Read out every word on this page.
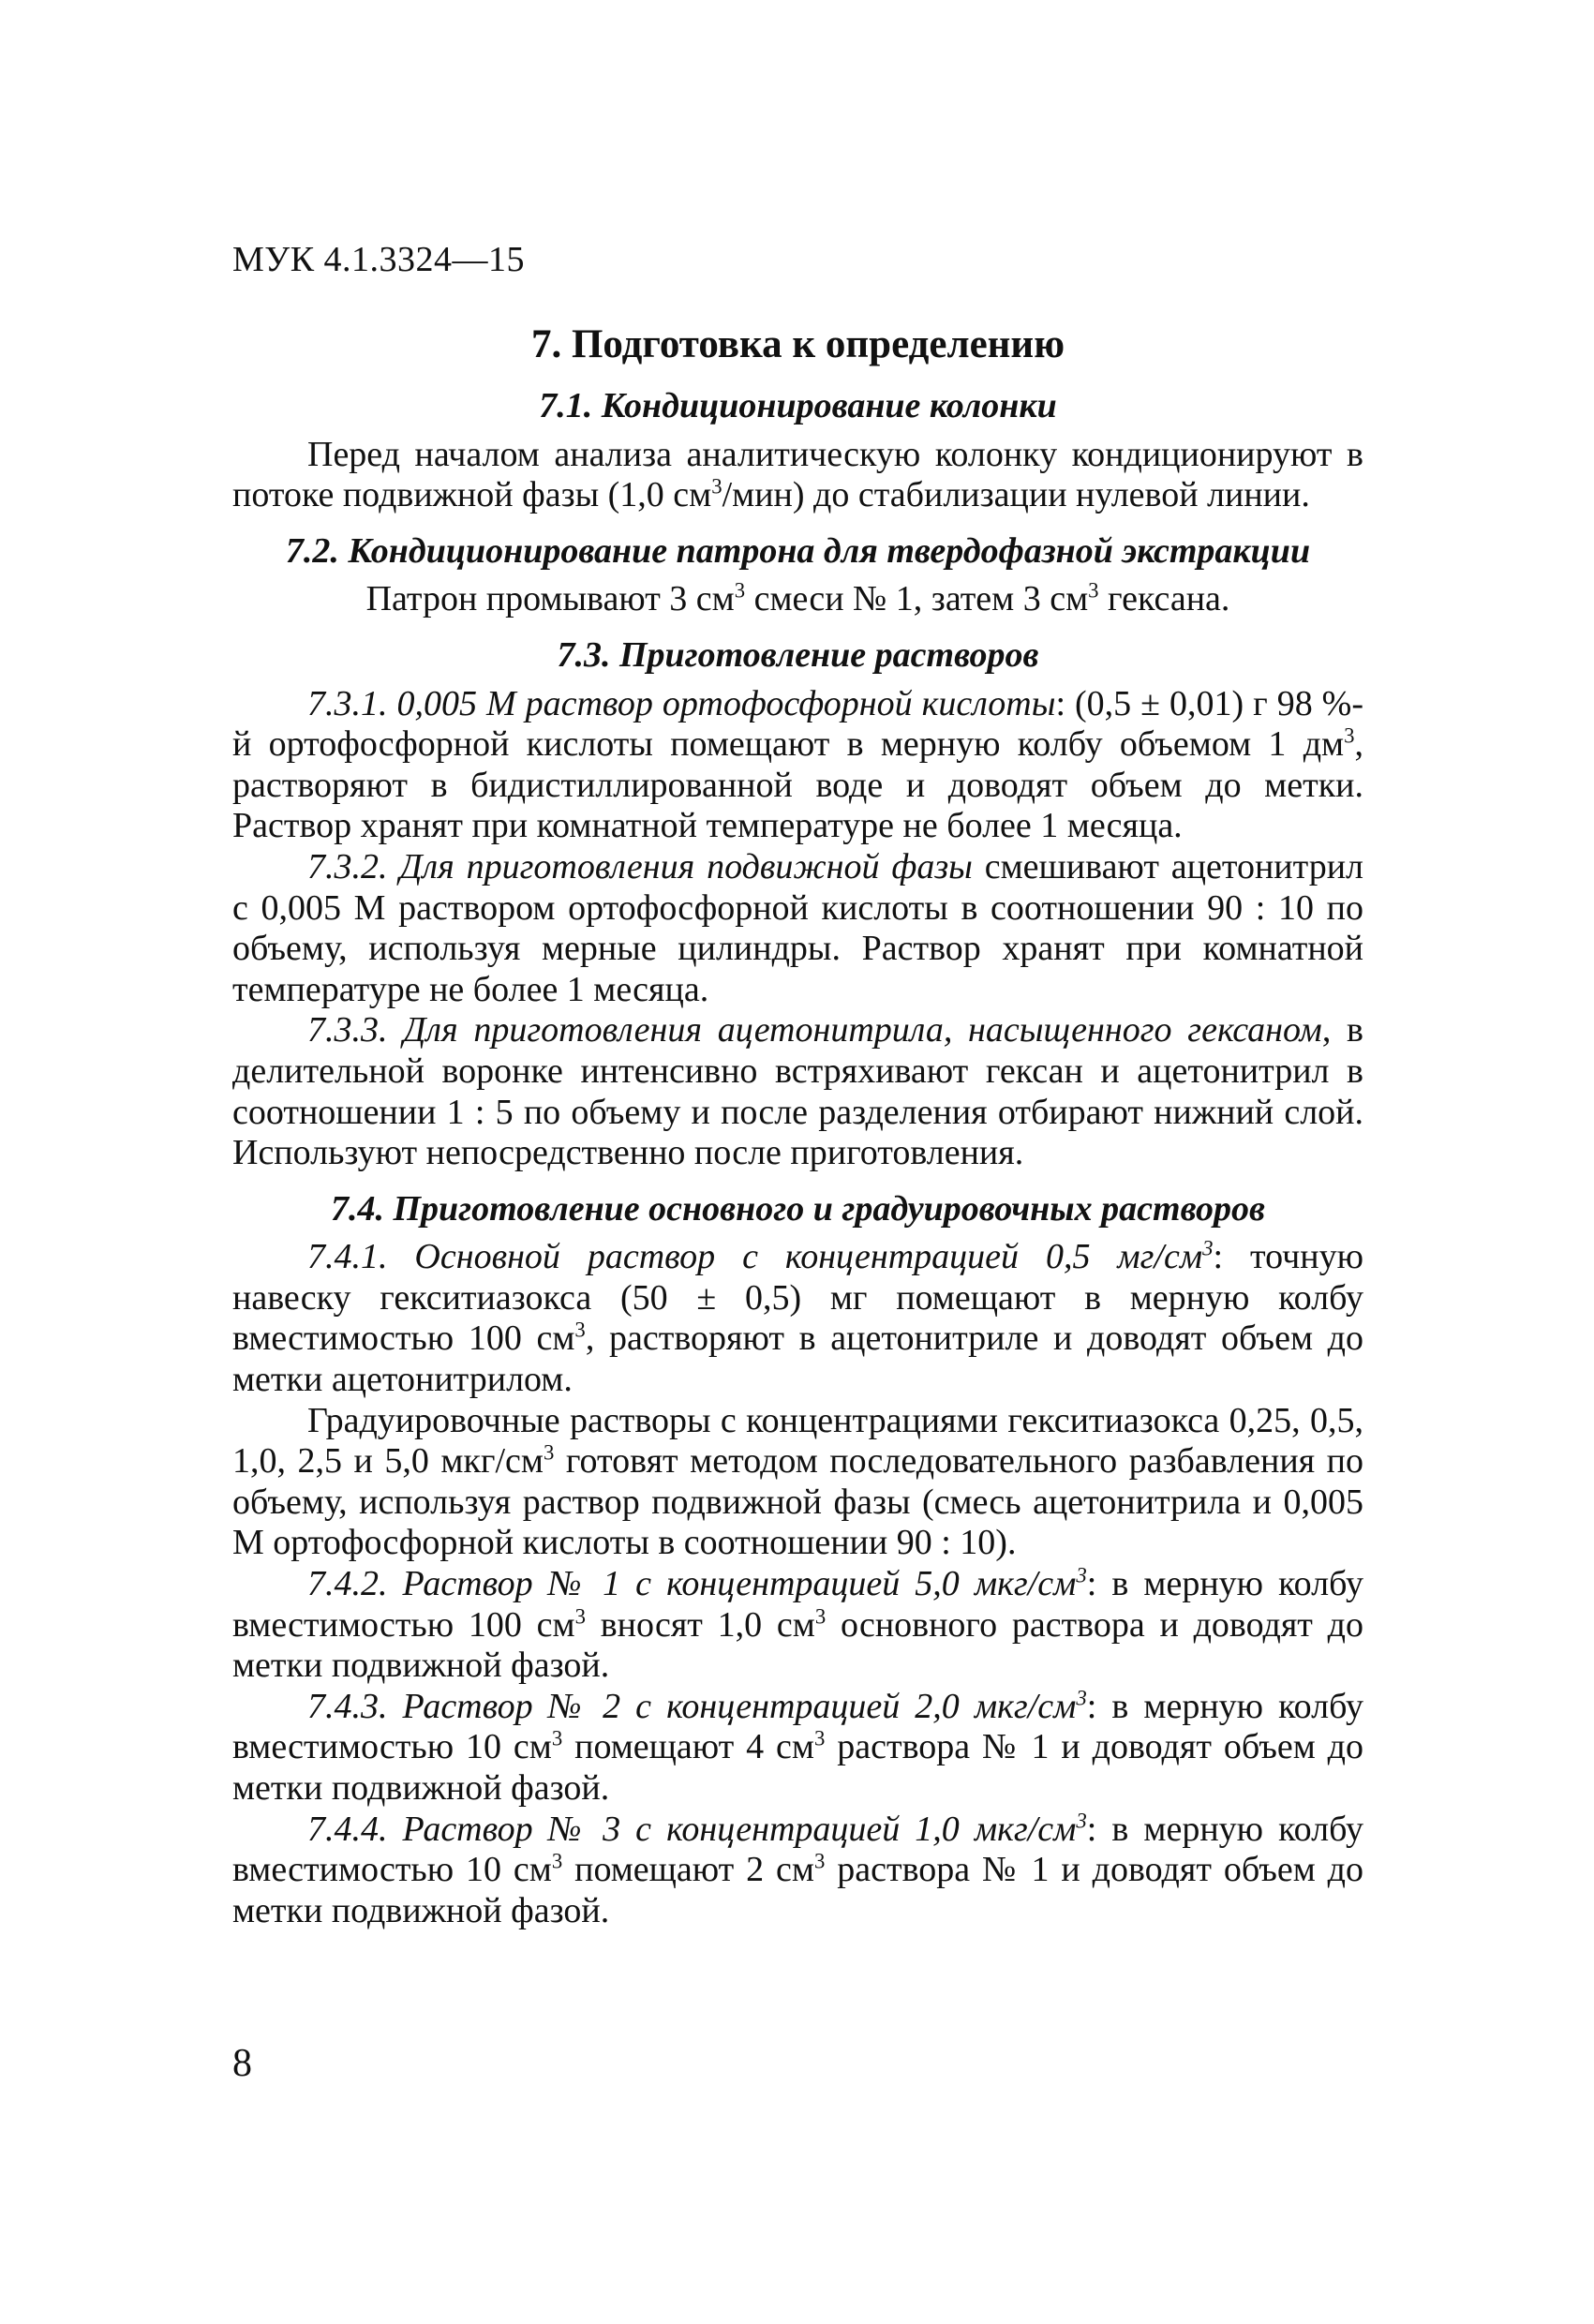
МУК 4.1.3324—15
7. Подготовка к определению
7.1. Кондиционирование колонки

Перед началом анализа аналитическую колонку кондиционируют в потоке подвижной фазы (1,0 $см^3/мин$) до стабилизации нулевой линии.

7.2. Кондиционирование патрона для твердофазной экстракции

Патрон промывают 3 $см^3$ смеси № 1, затем 3 $см^3$ гексана.

7.3. Приготовление растворов

7.3.1. 0,005 М раствор ортофосфорной кислоты: (0,5 ± 0,01) г 98 %-й ортофосфорной кислоты помещают в мерную колбу объемом 1 $дм^3$, растворяют в бидистиллированной воде и доводят объем до метки. Раствор хранят при комнатной температуре не более 1 месяца.

7.3.2. Для приготовления подвижной фазы смешивают ацетонитрил с 0,005 М раствором ортофосфорной кислоты в соотношении 90 : 10 по объему, используя мерные цилиндры. Раствор хранят при комнатной температуре не более 1 месяца.

7.3.3. Для приготовления ацетонитрила, насыщенного гексаном, в делительной воронке интенсивно встряхивают гексан и ацетонитрил в соотношении 1 : 5 по объему и после разделения отбирают нижний слой. Используют непосредственно после приготовления.

7.4. Приготовление основного и градуировочных растворов

7.4.1. Основной раствор с концентрацией 0,5 $мг/см^3$: точную навеску гекситиазокса (50 ± 0,5) мг помещают в мерную колбу вместимостью 100 $см^3$, растворяют в ацетонитриле и доводят объем до метки ацетонитрилом.

Градуировочные растворы с концентрациями гекситиазокса 0,25, 0,5, 1,0, 2,5 и 5,0 мкг/$см^3$ готовят методом последовательного разбавления по объему, используя раствор подвижной фазы (смесь ацетонитрила и 0,005 М ортофосфорной кислоты в соотношении 90 : 10).

7.4.2. Раствор № 1 с концентрацией 5,0 мкг/$см^3$: в мерную колбу вместимостью 100 $см^3$ вносят 1,0 $см^3$ основного раствора и доводят до метки подвижной фазой.

7.4.3. Раствор № 2 с концентрацией 2,0 мкг/$см^3$: в мерную колбу вместимостью 10 $см^3$ помещают 4 $см^3$ раствора № 1 и доводят объем до метки подвижной фазой.

7.4.4. Раствор № 3 с концентрацией 1,0 мкг/$см^3$: в мерную колбу вместимостью 10 $см^3$ помещают 2 $см^3$ раствора № 1 и доводят объем до метки подвижной фазой.

8
